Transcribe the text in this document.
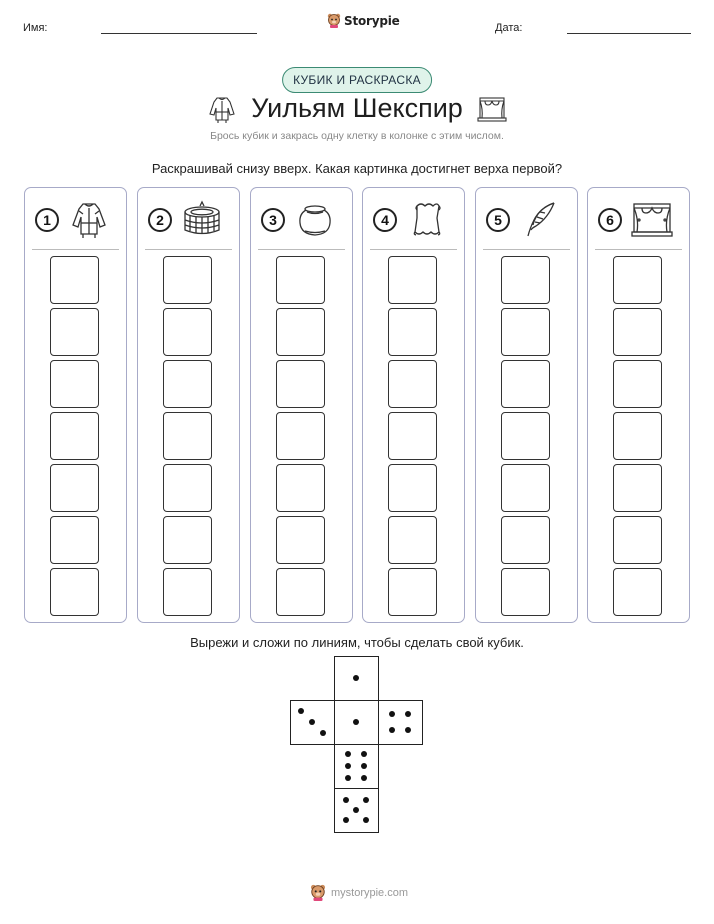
Имя:
Storypie
Дата:
КУБИК И РАСКРАСКА
Уильям Шекспир

Брось кубик и закрась одну клетку в колонке с этим числом.

Раскрашивай снизу вверх. Какая картинка достигнет верха первой?

1	2	3	4	5	6

Вырежи и сложи по линиям, чтобы сделать свой кубик.

mystorypie.com
